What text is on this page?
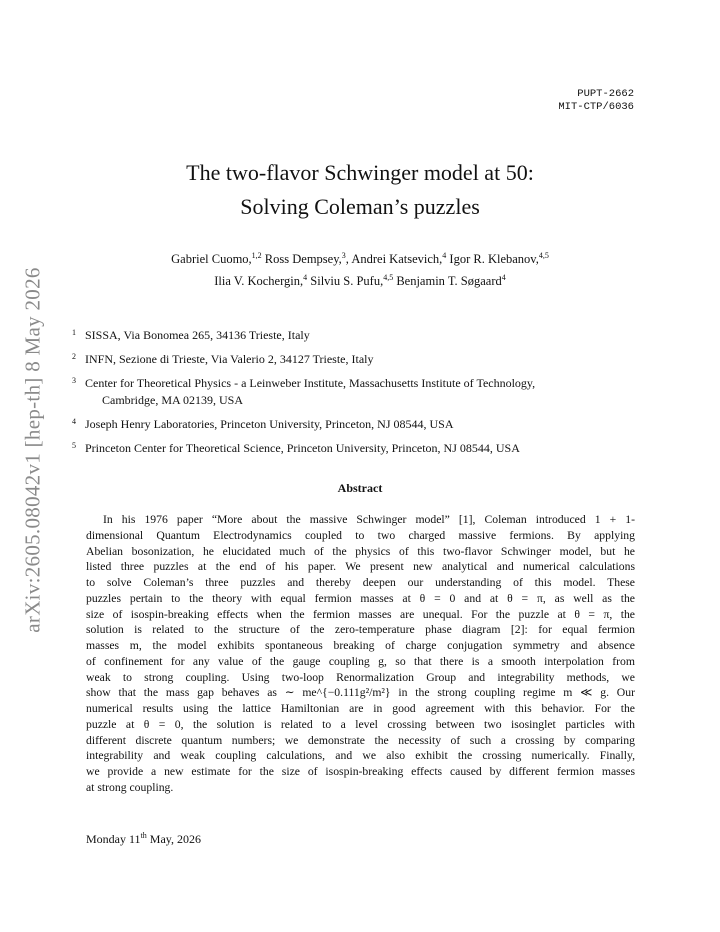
PUPT-2662
MIT-CTP/6036
arXiv:2605.08042v1 [hep-th] 8 May 2026
The two-flavor Schwinger model at 50:
Solving Coleman’s puzzles
Gabriel Cuomo,$^{1,2}$ Ross Dempsey,$^3$, Andrei Katsevich,$^4$ Igor R. Klebanov,$^{4,5}$
Ilia V. Kochergin,$^4$ Silviu S. Pufu,$^{4,5}$ Benjamin T. Søgaard$^4$
1 SISSA, Via Bonomea 265, 34136 Trieste, Italy
2 INFN, Sezione di Trieste, Via Valerio 2, 34127 Trieste, Italy
3 Center for Theoretical Physics - a Leinweber Institute, Massachusetts Institute of Technology,
Cambridge, MA 02139, USA
4 Joseph Henry Laboratories, Princeton University, Princeton, NJ 08544, USA
5 Princeton Center for Theoretical Science, Princeton University, Princeton, NJ 08544, USA
Abstract
In his 1976 paper “More about the massive Schwinger model” [1], Coleman introduced 1 + 1-
dimensional Quantum Electrodynamics coupled to two charged massive fermions. By applying
Abelian bosonization, he elucidated much of the physics of this two-flavor Schwinger model, but he
listed three puzzles at the end of his paper. We present new analytical and numerical calculations
to solve Coleman’s three puzzles and thereby deepen our understanding of this model. These
puzzles pertain to the theory with equal fermion masses at θ = 0 and at θ = π, as well as the
size of isospin-breaking effects when the fermion masses are unequal. For the puzzle at θ = π, the
solution is related to the structure of the zero-temperature phase diagram [2]: for equal fermion
masses m, the model exhibits spontaneous breaking of charge conjugation symmetry and absence
of confinement for any value of the gauge coupling g, so that there is a smooth interpolation from
weak to strong coupling. Using two-loop Renormalization Group and integrability methods, we
show that the mass gap behaves as ∼ me^{−0.111g²/m²} in the strong coupling regime m ≪ g. Our
numerical results using the lattice Hamiltonian are in good agreement with this behavior. For the
puzzle at θ = 0, the solution is related to a level crossing between two isosinglet particles with
different discrete quantum numbers; we demonstrate the necessity of such a crossing by comparing
integrability and weak coupling calculations, and we also exhibit the crossing numerically. Finally,
we provide a new estimate for the size of isospin-breaking effects caused by different fermion masses
at strong coupling.
Monday 11th May, 2026
